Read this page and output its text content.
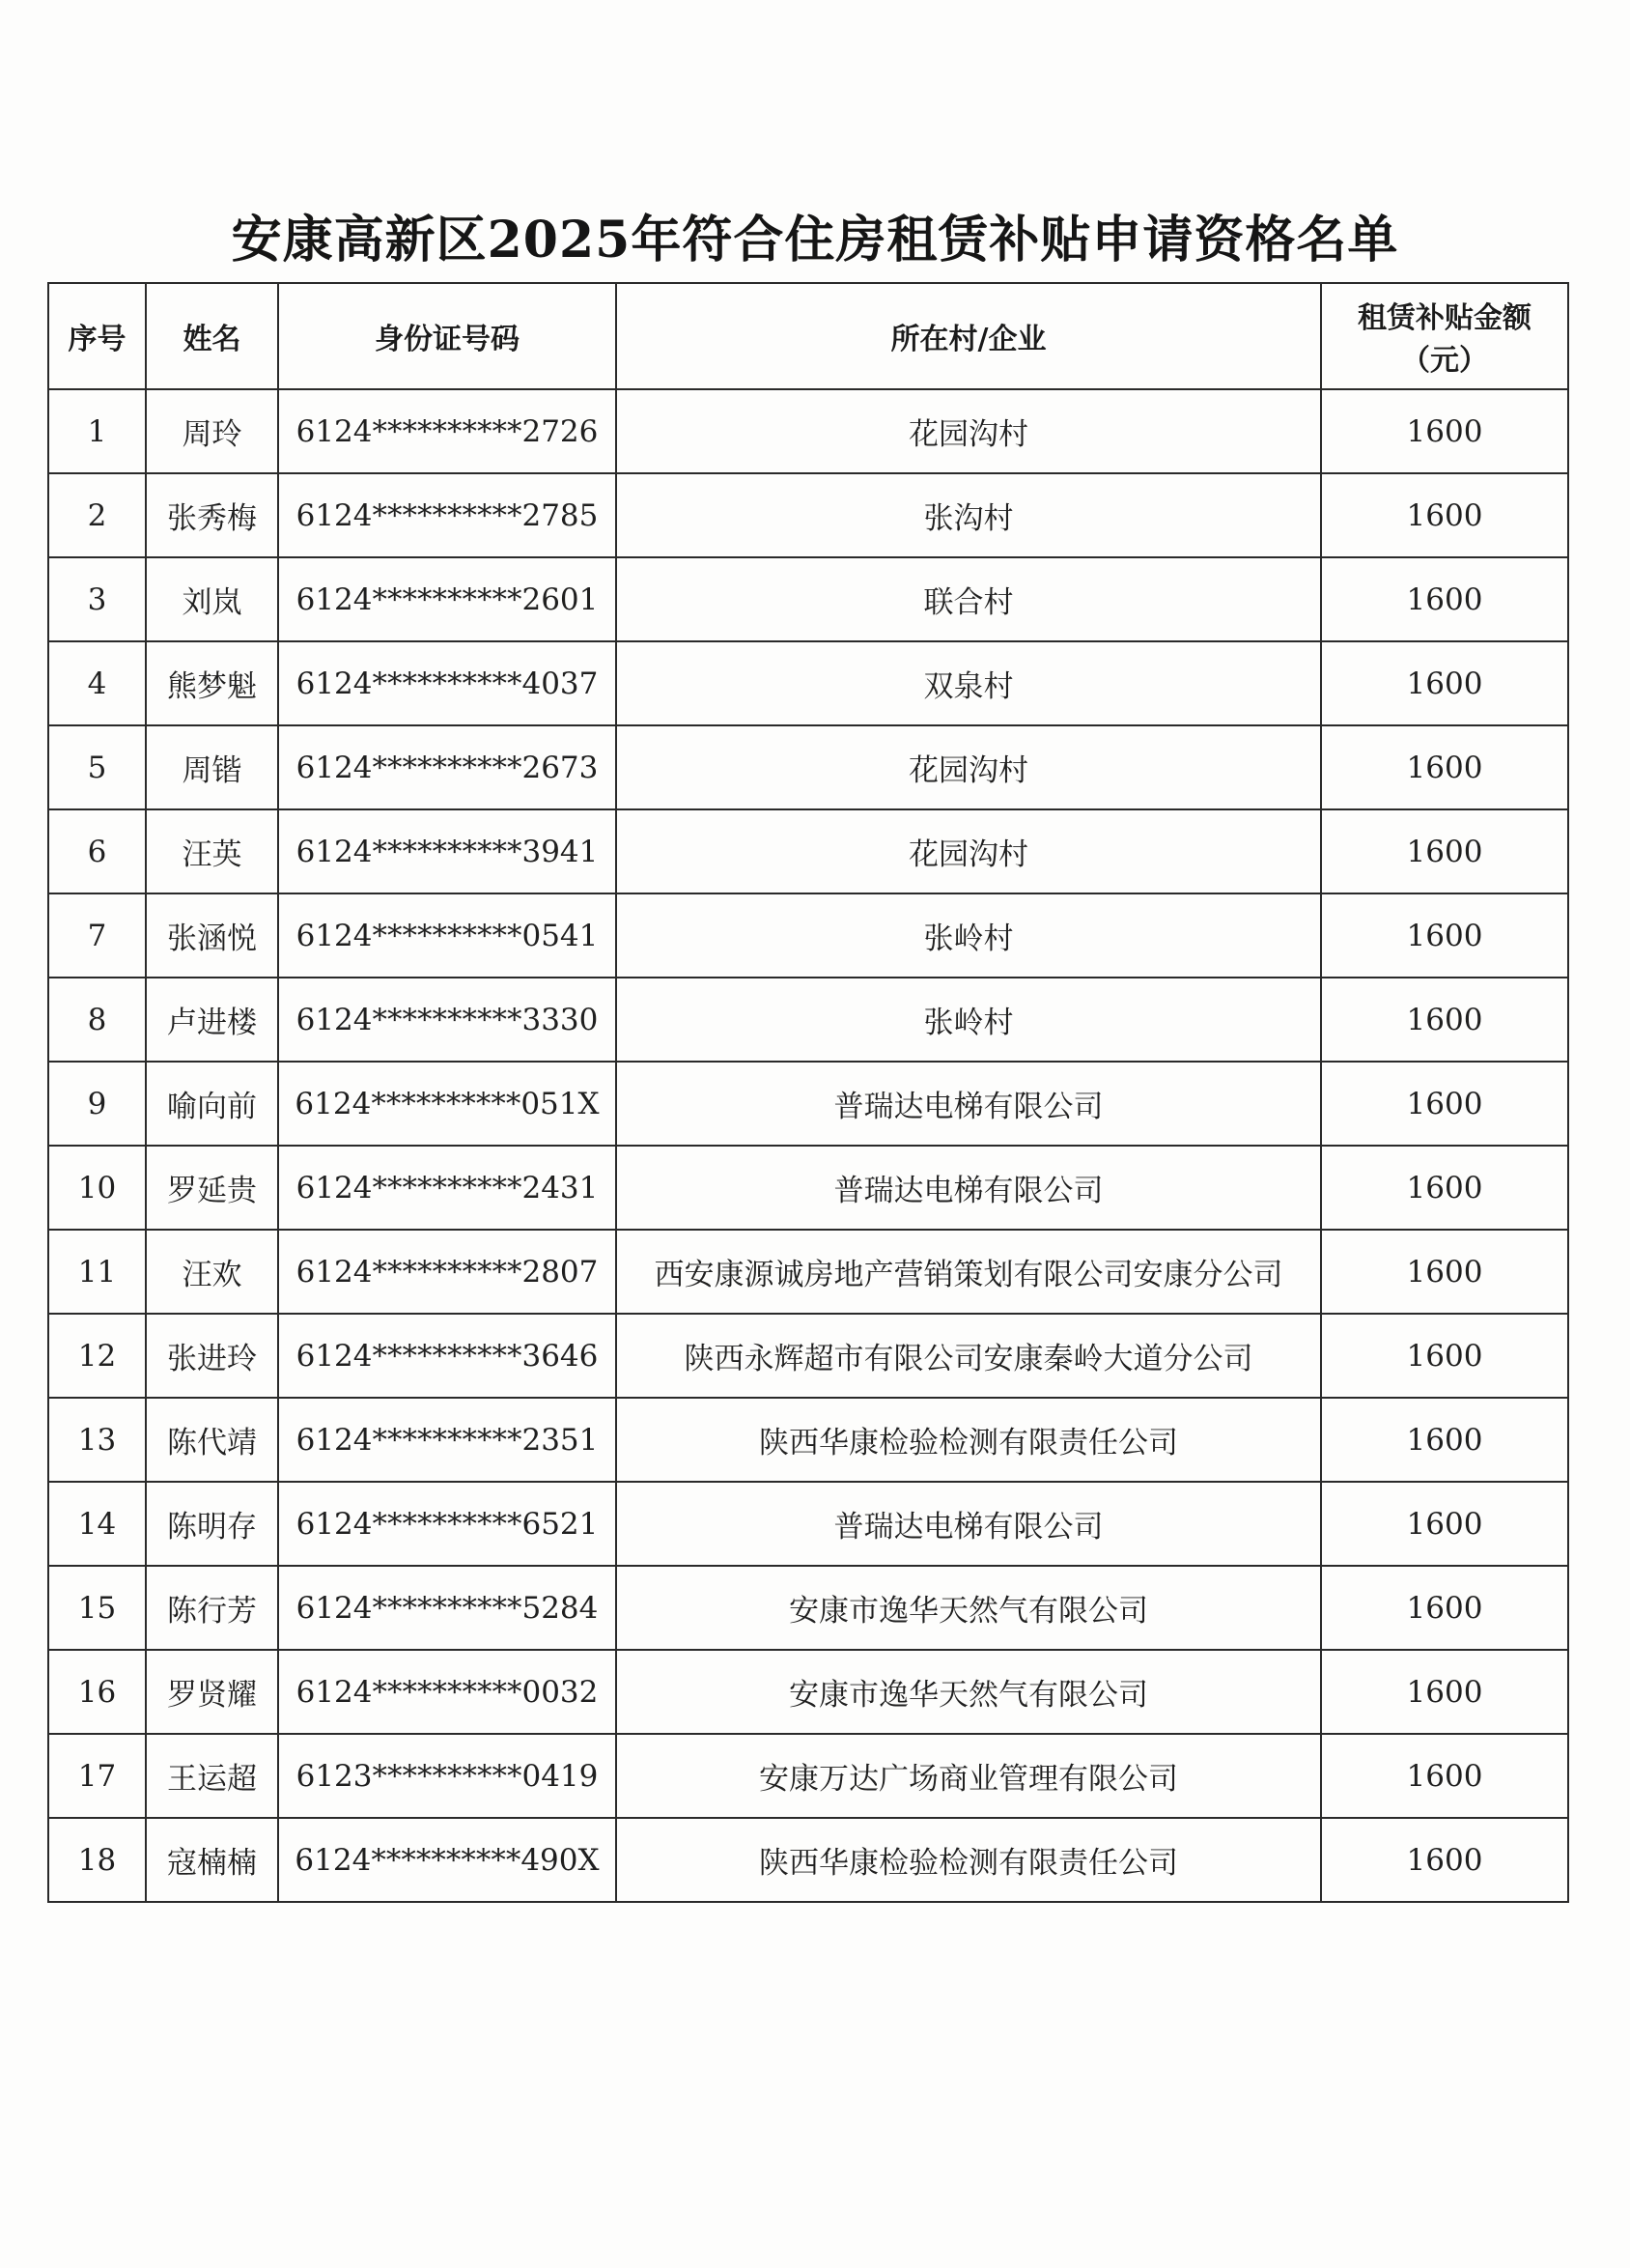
安康高新区2025年符合住房租赁补贴申请资格名单
序号	姓名	身份证号码	所在村/企业	租赁补贴金额
（元）

1	周玲	6124**********2726	花园沟村	1600
2	张秀梅	6124**********2785	张沟村	1600
3	刘岚	6124**********2601	联合村	1600
4	熊梦魁	6124**********4037	双泉村	1600
5	周锴	6124**********2673	花园沟村	1600
6	汪英	6124**********3941	花园沟村	1600
7	张涵悦	6124**********0541	张岭村	1600
8	卢进楼	6124**********3330	张岭村	1600
9	喻向前	6124**********051X	普瑞达电梯有限公司	1600
10	罗延贵	6124**********2431	普瑞达电梯有限公司	1600
11	汪欢	6124**********2807	西安康源诚房地产营销策划有限公司安康分公司	1600
12	张进玲	6124**********3646	陕西永辉超市有限公司安康秦岭大道分公司	1600
13	陈代靖	6124**********2351	陕西华康检验检测有限责任公司	1600
14	陈明存	6124**********6521	普瑞达电梯有限公司	1600
15	陈行芳	6124**********5284	安康市逸华天然气有限公司	1600
16	罗贤耀	6124**********0032	安康市逸华天然气有限公司	1600
17	王运超	6123**********0419	安康万达广场商业管理有限公司	1600
18	寇楠楠	6124**********490X	陕西华康检验检测有限责任公司	1600
